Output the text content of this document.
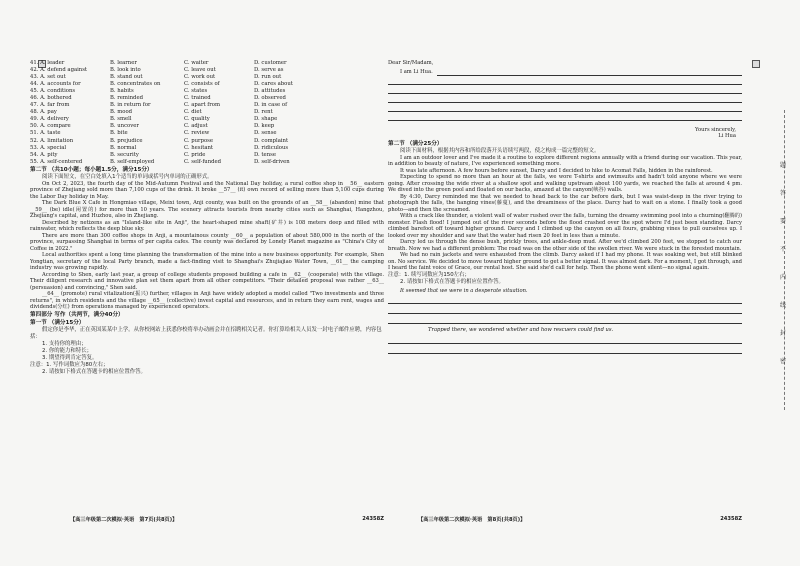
41. A. leader	B. learner	C. waiter	D. customer
42. A. defend against	B. look into	C. leave out	D. serve as
43. A. set out	B. stand out	C. work out	D. run out
44. A. accounts for	B. concentrates on	C. consists of	D. cares about
45. A. conditions	B. habits	C. states	D. attitudes
46. A. bothered	B. reminded	C. trained	D. observed
47. A. far from	B. in return for	C. apart from	D. in case of
48. A. pay	B. mood	C. diet	D. rent
49. A. delivery	B. smell	C. quality	D. shape
50. A. compare	B. uncover	C. adjust	D. keep
51. A. taste	B. bite	C. review	D. sense
52. A. limitation	B. prejudice	C. purpose	D. complaint
53. A. special	B. normal	C. hesitant	D. ridiculous
54. A. pity	B. security	C. pride	D. tense
55. A. self-centered	B. self-employed	C. self-funded	D. self-driven
第二节 （共10小题；每小题1.5分，满分15分）

阅读下面短文，在空白处填入1个适当的单词或括号内单词的正确形式。

On Oct 2, 2023, the fourth day of the Mid-Autumn Festival and the National Day holiday, a rural coffee shop in __56__ eastern province of Zhejiang sold more than 7,100 cups of the drink. It broke __57__ (it) own record of selling more than 5,100 cups during the Labor Day holiday in May.

The Dark Blue X Cafe in Hongmiao village, Meixi town, Anji county, was built on the grounds of an __58__ (abandon) mine that __59__ (be) idle(闲置的) for more than 10 years. The scenery attracts tourists from nearby cities such as Shanghai, Hangzhou, Zhejiang's capital, and Huzhou, also in Zhejiang.

Described by netizens as an "Island-like site in Anji", the heart-shaped mine shaft(矿井) is 108 meters deep and filled with rainwater, which reflects the deep blue sky.

There are more than 300 coffee shops in Anji, a mountainous county __60__ a population of about 580,000 in the north of the province, surpassing Shanghai in terms of per capita cafes. The county was declared by Lonely Planet magazine as "China's City of Coffee in 2022."

Local authorities spent a long time planning the transformation of the mine into a new business opportunity. For example, Shen Yongtian, secretary of the local Party branch, made a fact-finding visit to Shanghai's Zhujiajiao Water Town, __61__ the camping industry was growing rapidly.

According to Shen, early last year, a group of college students proposed building a cafe in __62__ (cooperate) with the village. Their diligent research and innovative plan set them apart from all other competitors. "Their detailed proposal was rather __63__ (persuasion) and convincing," Shen said.

__64__ (promote) rural vitalization(振兴) further, villages in Anji have widely adopted a model called "Two investments and three returns", in which residents and the village __65__ (collective) invest capital and resources, and in return they earn rent, wages and dividends(分红) from operations managed by experienced operators.

第四部分 写作（共两节，满分40分）
第一节 （满分15分）

假定你是李华，正在英国某某中上学。从你校网站上获悉你校将举办动画会并在招聘相关记者。你打算给相关人员发一封电子邮件应聘，内容包括：

1. 支持你的理由；

2. 你的能力和特长；

3. 期望得到肯定答复。

注意：1. 写作词数应为80左右；

2. 请按如下格式在答题卡的相应位置作答。

【高三年级第二次模拟·英语　第7页(共8页)】	24358Z

Dear Sir/Madam,

I am Li Hua.

Yours sincerely,

Li Hua

第二节 （满分25分）

阅读下面材料，根据其内容和所给段落开头语续写两段，使之构成一篇完整的短文。

I am an outdoor lover and I've made it a routine to explore different regions annually with a friend during our vacation. This year, in addition to beauty of nature, I've experienced something more.

It was late afternoon. A few hours before sunset, Darcy and I decided to hike to Acomat Falls, hidden in the rainforest.

Expecting to spend no more than an hour at the falls, we wore T-shirts and swimsuits and hadn't told anyone where we were going. After crossing the wide river at a shallow spot and walking upstream about 100 yards, we reached the falls at around 4 pm. We dived into the green pool and floated on our backs, amazed at the canyon(峡谷) walls.

By 4:30, Darcy reminded me that we needed to head back to the car before dark, but I was waist-deep in the river trying to photograph the falls, the hanging vines(藤蔓), and the dreaminess of the place. Darcy had to wait on a stone. I finally took a good photo—and then the screamed.

With a crack like thunder, a violent wall of water rushed over the falls, turning the dreamy swimming pool into a churning(翻腾的) monster. Flash flood! I jumped out of the river seconds before the flood crashed over the spot where I'd just been standing. Darcy climbed barefoot off toward higher ground. Darcy and I climbed up the canyon on all fours, grabbing vines to pull ourselves up. I looked over my shoulder and saw that the water had risen 20 feet in less than a minute.

Darcy led us through the dense bush, prickly trees, and ankle-deep mud. After we'd climbed 200 feet, we stopped to catch our breath. Now we had a different problem: The road was on the other side of the swollen river. We were stuck in the forested mountain.

We had no rain jackets and were exhausted from the climb. Darcy asked if I had my phone. It was soaking wet, but still blinked on. No service. We decided to move toward higher ground to get a better signal. It was almost dark. For a moment, I got through, and I heard the faint voice of Grace, our rental host. She said she'd call for help. Then the phone went silent—no signal again.

注意：1. 续写词数应为150左右；

2. 请按如下格式在答题卡的相应位置作答。

It seemed that we were in a desperate situation.

Trapped there, we wondered whether and how rescuers could find us.

【高三年级第二次模拟·英语　第8页(共8页)】	24358Z
题
答
要
不
内
线
封
密
